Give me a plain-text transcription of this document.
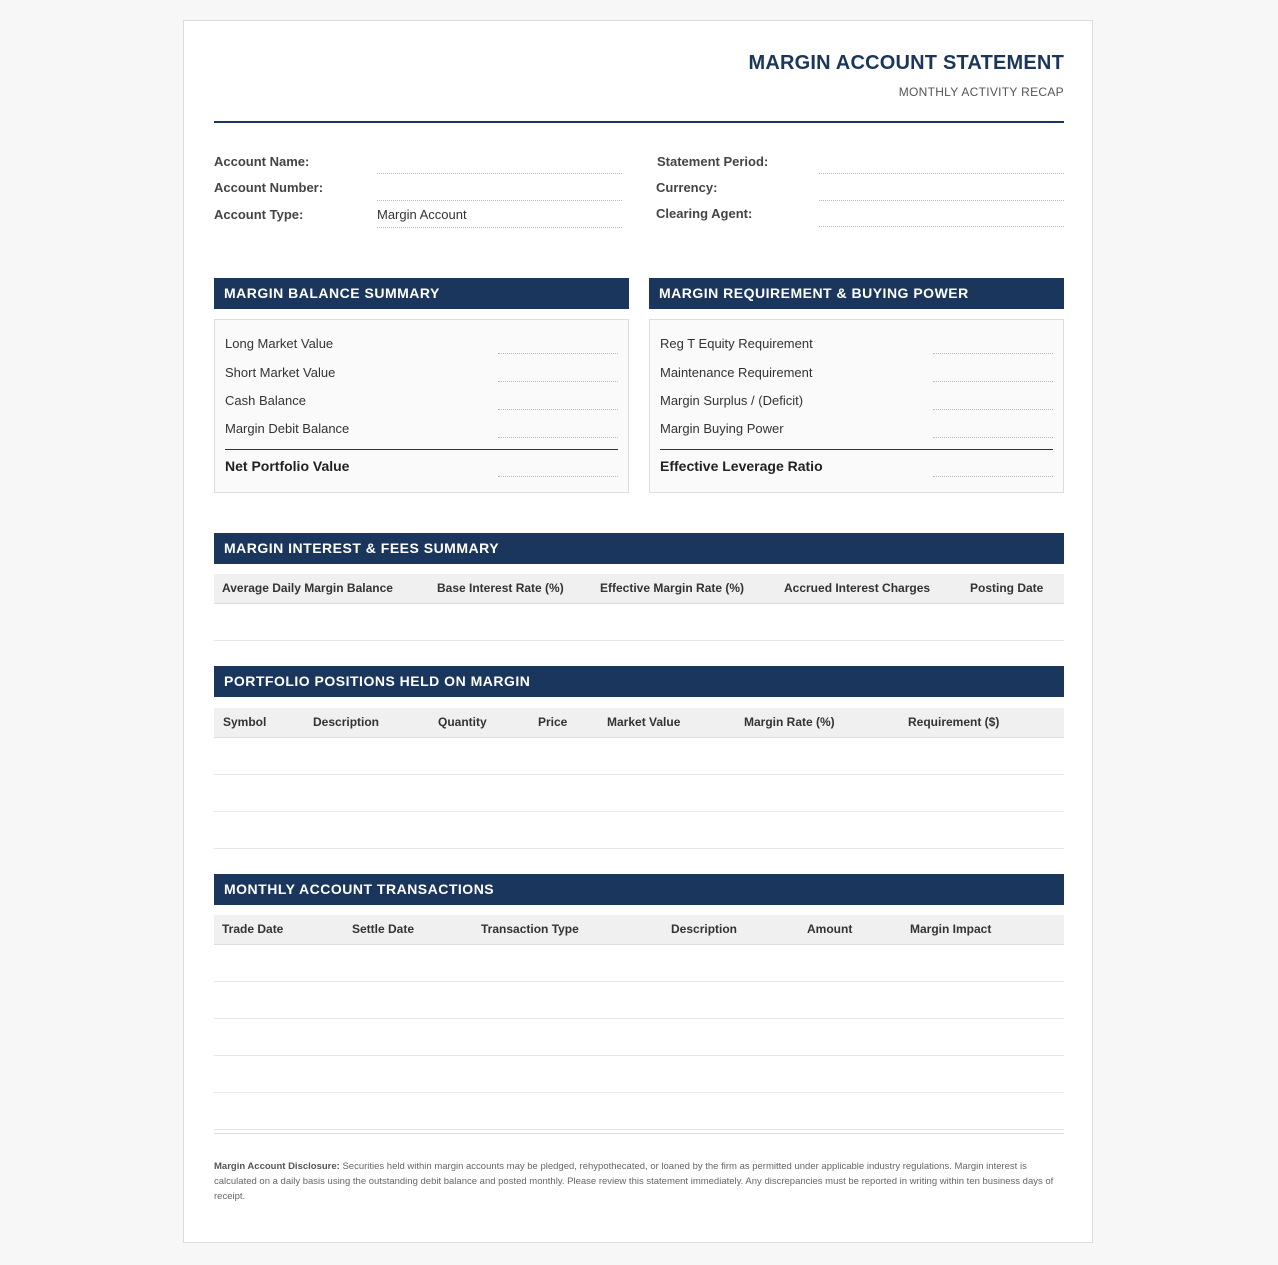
MARGIN ACCOUNT STATEMENT
MONTHLY ACTIVITY RECAP
Account Name:
Account Number:
Account Type:	Margin Account
Statement Period:
Currency:
Clearing Agent:
MARGIN BALANCE SUMMARY
Long Market Value
Short Market Value
Cash Balance
Margin Debit Balance
Net Portfolio Value
MARGIN REQUIREMENT & BUYING POWER
Reg T Equity Requirement
Maintenance Requirement
Margin Surplus / (Deficit)
Margin Buying Power
Effective Leverage Ratio
MARGIN INTEREST & FEES SUMMARY
Average Daily Margin Balance	Base Interest Rate (%)	Effective Margin Rate (%)	Accrued Interest Charges	Posting Date
PORTFOLIO POSITIONS HELD ON MARGIN
Symbol	Description	Quantity	Price	Market Value	Margin Rate (%)	Requirement ($)
MONTHLY ACCOUNT TRANSACTIONS
Trade Date	Settle Date	Transaction Type	Description	Amount	Margin Impact
Margin Account Disclosure: Securities held within margin accounts may be pledged, rehypothecated, or loaned by the firm as permitted under applicable industry regulations. Margin interest is calculated on a daily basis using the outstanding debit balance and posted monthly. Please review this statement immediately. Any discrepancies must be reported in writing within ten business days of receipt.
